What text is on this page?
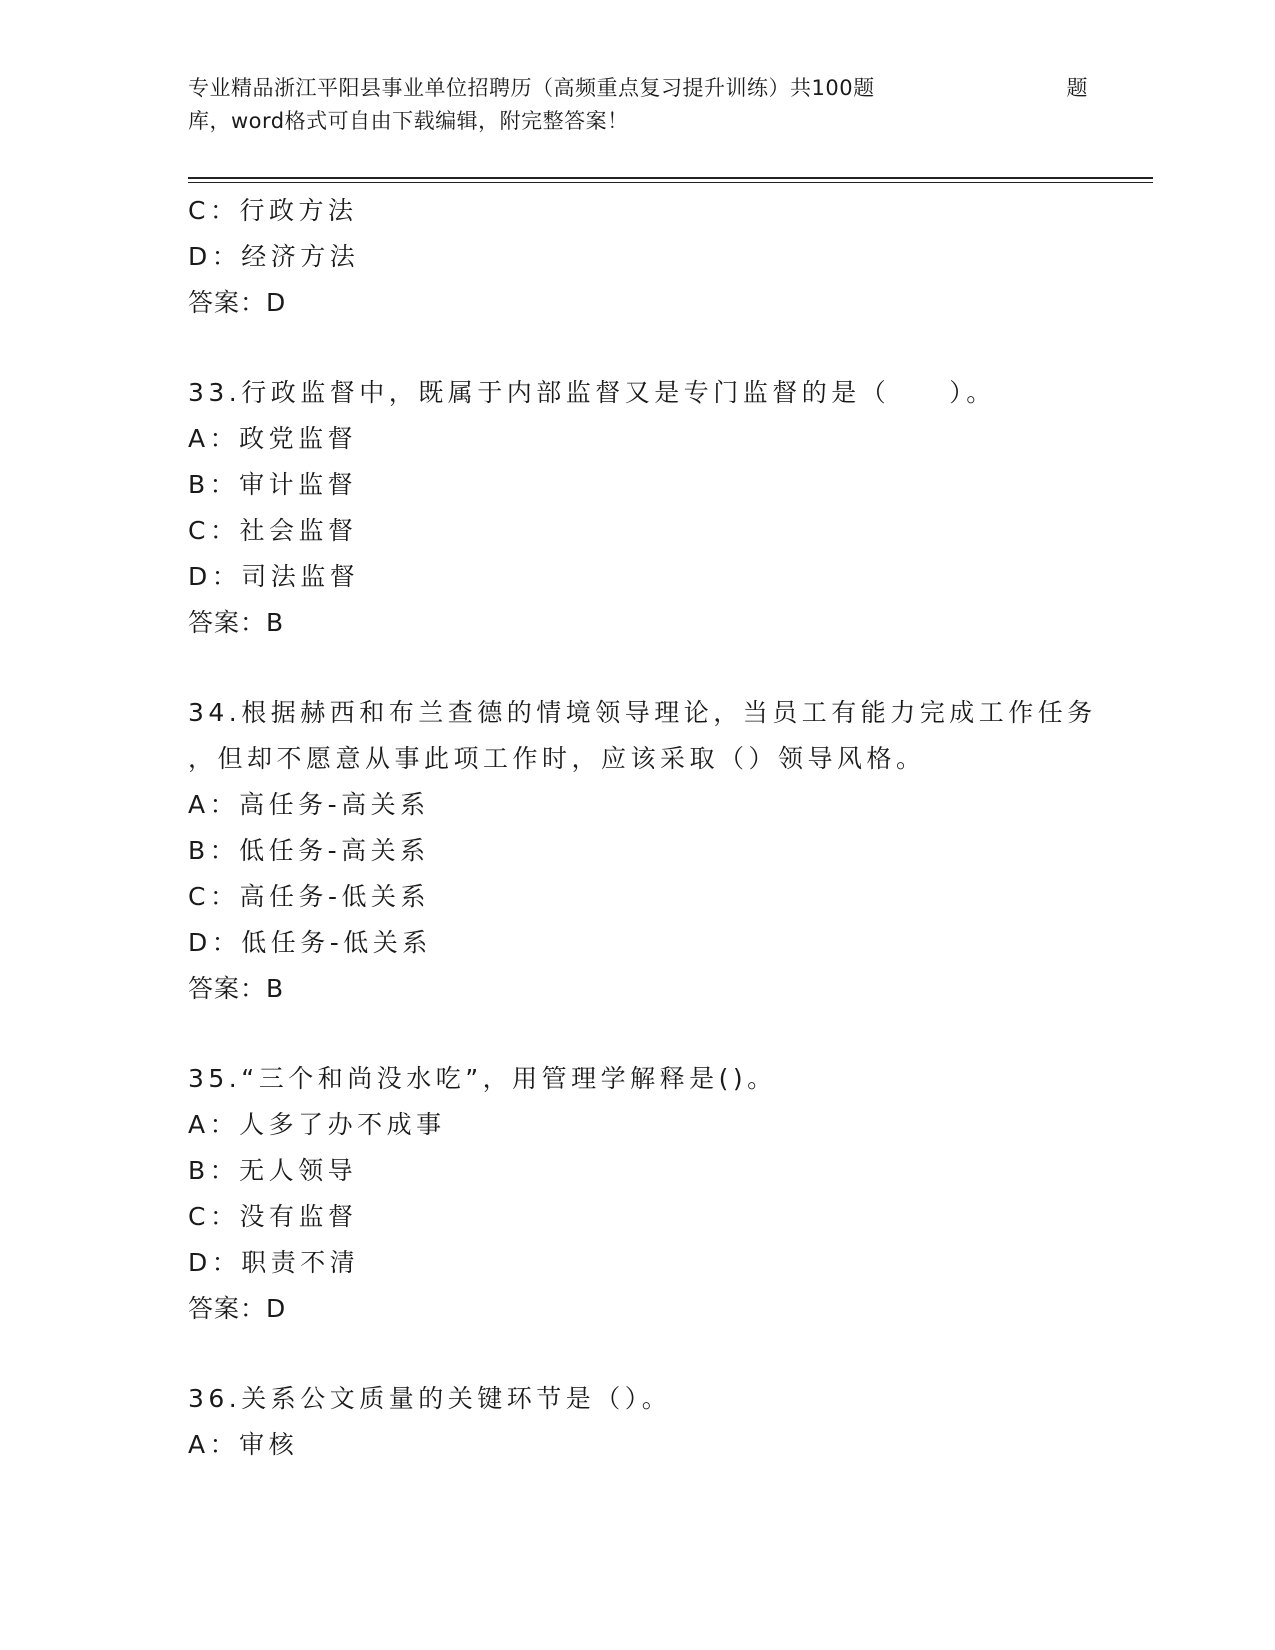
专业精品浙江平阳县事业单位招聘历（高频重点复习提升训练）共100题	题
库，word格式可自由下载编辑，附完整答案！
C：行政方法
D：经济方法
答案：D
33.行政监督中，既属于内部监督又是专门监督的是（　　）。
A：政党监督
B：审计监督
C：社会监督
D：司法监督
答案：B
34.根据赫西和布兰查德的情境领导理论，当员工有能力完成工作任务
，但却不愿意从事此项工作时，应该采取（）领导风格。
A：高任务-高关系
B：低任务-高关系
C：高任务-低关系
D：低任务-低关系
答案：B
35.“三个和尚没水吃”，用管理学解释是()。
A：人多了办不成事
B：无人领导
C：没有监督
D：职责不清
答案：D
36.关系公文质量的关键环节是（）。
A：审核
